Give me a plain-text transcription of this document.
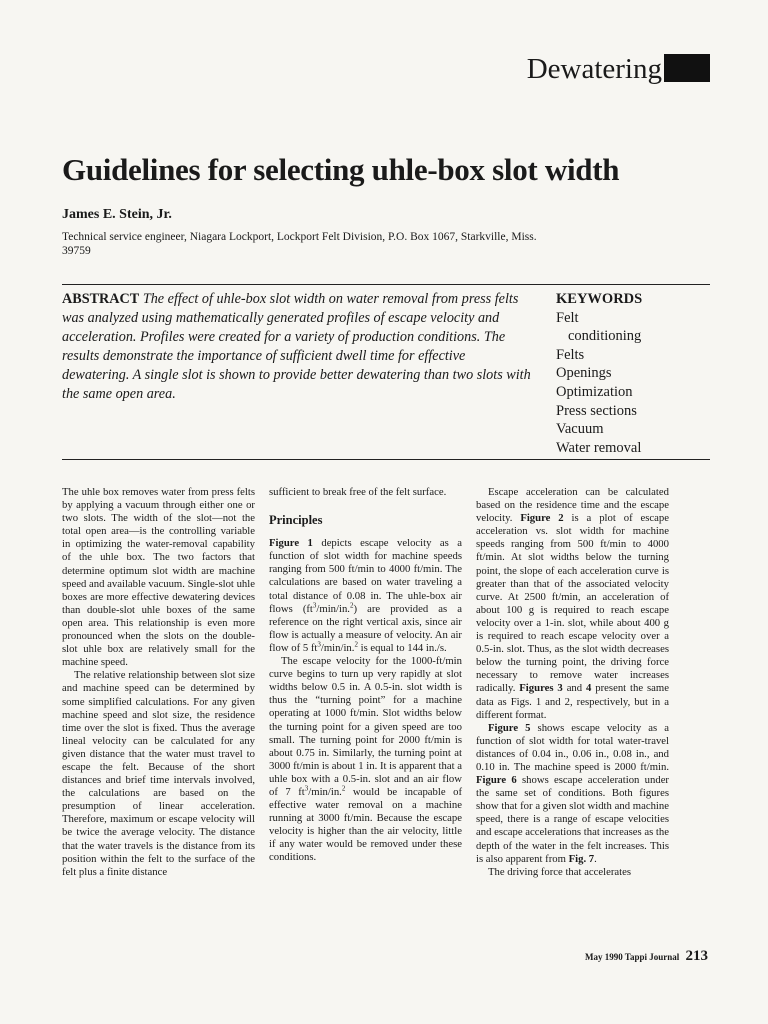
Dewatering
Guidelines for selecting uhle-box slot width
James E. Stein, Jr.
Technical service engineer, Niagara Lockport, Lockport Felt Division, P.O. Box 1067, Starkville, Miss. 39759
ABSTRACT The effect of uhle-box slot width on water removal from press felts was analyzed using mathematically generated profiles of escape velocity and acceleration. Profiles were created for a variety of production conditions. The results demonstrate the importance of sufficient dwell time for effective dewatering. A single slot is shown to provide better dewatering than two slots with the same open area.
KEYWORDS
Felt
conditioning
Felts
Openings
Optimization
Press sections
Vacuum
Water removal

The uhle box removes water from press felts by applying a vacuum through either one or two slots. The width of the slot—not the total open area—is the controlling variable in optimizing the water-removal capability of the uhle box. The two factors that determine optimum slot width are machine speed and available vacuum. Single-slot uhle boxes are more effective dewatering devices than double-slot uhle boxes of the same open area. This relationship is even more pronounced when the slots on the double-slot uhle box are relatively small for the machine speed.

The relative relationship between slot size and machine speed can be determined by some simplified calculations. For any given machine speed and slot size, the residence time over the slot is fixed. Thus the average lineal velocity can be calculated for any given distance that the water must travel to escape the felt. Because of the short distances and brief time intervals involved, the calculations are based on the presumption of linear acceleration. Therefore, maximum or escape velocity will be twice the average velocity. The distance that the water travels is the distance from its position within the felt to the surface of the felt plus a finite distance

sufficient to break free of the felt surface.

Principles

Figure 1 depicts escape velocity as a function of slot width for machine speeds ranging from 500 ft/min to 4000 ft/min. The calculations are based on water traveling a total distance of 0.08 in. The uhle-box air flows $(ft^3/\min/in.^2)$ are provided as a reference on the right vertical axis, since air flow is actually a measure of velocity. An air flow of 5 $ft^3/\min/in.^2$ is equal to 144 in./s.

The escape velocity for the 1000-ft/min curve begins to turn up very rapidly at slot widths below 0.5 in. A 0.5-in. slot width is thus the “turning point” for a machine operating at 1000 ft/min. Slot widths below the turning point for a given speed are too small. The turning point for 2000 ft/min is about 0.75 in. Similarly, the turning point at 3000 ft/min is about 1 in. It is apparent that a uhle box with a 0.5-in. slot and an air flow of 7 $ft^3/\min/in.^2$ would be incapable of effective water removal on a machine running at 3000 ft/min. Because the escape velocity is higher than the air velocity, little if any water would be removed under these conditions.

Escape acceleration can be calculated based on the residence time and the escape velocity. Figure 2 is a plot of escape acceleration vs. slot width for machine speeds ranging from 500 ft/min to 4000 ft/min. At slot widths below the turning point, the slope of each acceleration curve is greater than that of the associated velocity curve. At 2500 ft/min, an acceleration of about 100 g is required to reach escape velocity over a 1-in. slot, while about 400 g is required to reach escape velocity over a 0.5-in. slot. Thus, as the slot width decreases below the turning point, the driving force necessary to remove water increases radically. Figures 3 and 4 present the same data as Figs. 1 and 2, respectively, but in a different format.

Figure 5 shows escape velocity as a function of slot width for total water-travel distances of 0.04 in., 0.06 in., 0.08 in., and 0.10 in. The machine speed is 2000 ft/min. Figure 6 shows escape acceleration under the same set of conditions. Both figures show that for a given slot width and machine speed, there is a range of escape velocities and escape accelerations that increases as the depth of the water in the felt increases. This is also apparent from Fig. 7.

The driving force that accelerates

May 1990 Tappi Journal 213
